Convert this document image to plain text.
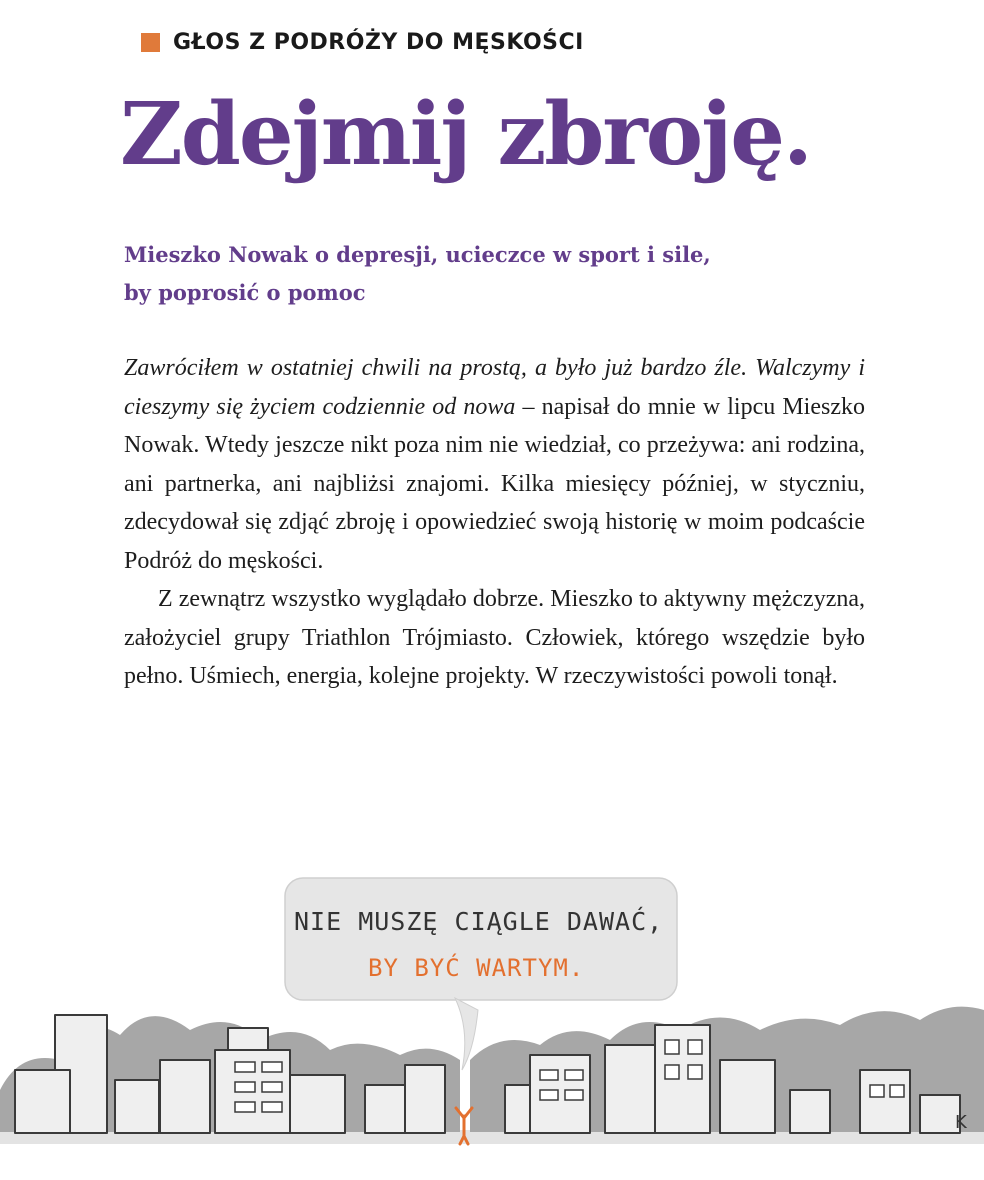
GŁOS Z PODRÓŻY DO MĘSKOŚCI
Zdejmij zbroję.
Mieszko Nowak o depresji, ucieczce w sport i sile,
by poprosić o pomoc

Zawróciłem w ostatniej chwili na prostą, a było już bardzo źle. Walczymy i cieszymy się życiem codziennie od nowa – napisał do mnie w lipcu Mieszko Nowak. Wtedy jeszcze nikt poza nim nie wiedział, co przeżywa: ani rodzina, ani partnerka, ani najbliżsi znajomi. Kilka miesięcy później, w styczniu, zdecydował się zdjąć zbroję i opowiedzieć swoją historię w moim podcaście Podróż do męskości.

Z zewnątrz wszystko wyglądało dobrze. Mieszko to aktywny mężczyzna, założyciel grupy Triathlon Trójmiasto. Człowiek, którego wszędzie było pełno. Uśmiech, energia, kolejne projekty. W rzeczywistości powoli tonął.

NIE MUSZĘ CIĄGLE DAWAĆ,
BY BYĆ WARTYM.
K
